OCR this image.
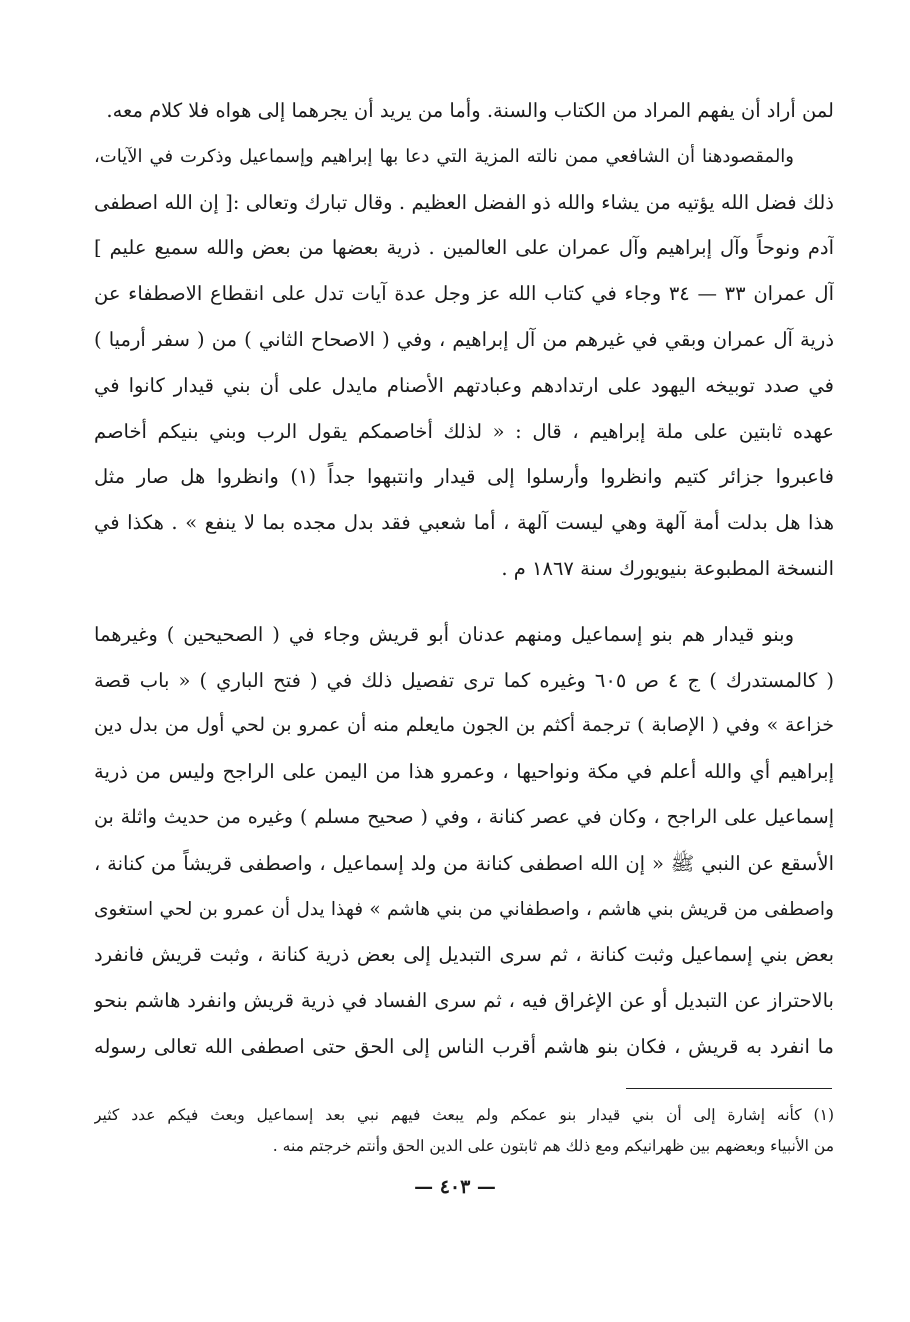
لمن أراد أن يفهم المراد من الكتاب والسنة. وأما من يريد أن يجرهما إلى هواه فلا كلام معه.
والمقصودهنا أن الشافعي ممن نالته المزية التي دعا بها إبراهيم وإسماعيل وذكرت في الآيات،
ذلك فضل الله يؤتيه من يشاء والله ذو الفضل العظيم . وقال تبارك وتعالى :[ إن الله اصطفى
آدم ونوحاً وآل إبراهيم وآل عمران على العالمين . ذرية بعضها من بعض والله سميع عليم ]
آل عمران ٣٣ — ٣٤ وجاء في كتاب الله عز وجل عدة آيات تدل على انقطاع الاصطفاء عن
ذرية آل عمران وبقي في غيرهم من آل إبراهيم ، وفي ( الاصحاح الثاني ) من ( سفر أرميا )
في صدد توبيخه اليهود على ارتدادهم وعبادتهم الأصنام مايدل على أن بني قيدار كانوا في
عهده ثابتين على ملة إبراهيم ، قال : « لذلك أخاصمكم يقول الرب وبني بنيكم أخاصم
فاعبروا جزائر كتيم وانظروا وأرسلوا إلى قيدار وانتبهوا جداً (١) وانظروا هل صار مثل
هذا هل بدلت أمة آلهة وهي ليست آلهة ، أما شعبي فقد بدل مجده بما لا ينفع » . هكذا في
النسخة المطبوعة بنيويورك سنة ١٨٦٧ م .
وبنو قيدار هم بنو إسماعيل ومنهم عدنان أبو قريش وجاء في ( الصحيحين ) وغيرهما
( كالمستدرك ) ج ٤ ص ٦٠٥ وغيره كما ترى تفصيل ذلك في ( فتح الباري ) « باب قصة
خزاعة » وفي ( الإصابة ) ترجمة أكثم بن الجون مايعلم منه أن عمرو بن لحي أول من بدل دين
إبراهيم أي والله أعلم في مكة ونواحيها ، وعمرو هذا من اليمن على الراجح وليس من ذرية
إسماعيل على الراجح ، وكان في عصر كنانة ، وفي ( صحيح مسلم ) وغيره من حديث واثلة بن
الأسقع عن النبي ﷺ « إن الله اصطفى كنانة من ولد إسماعيل ، واصطفى قريشاً من كنانة ،
واصطفى من قريش بني هاشم ، واصطفاني من بني هاشم » فهذا يدل أن عمرو بن لحي استغوى
بعض بني إسماعيل وثبت كنانة ، ثم سرى التبديل إلى بعض ذرية كنانة ، وثبت قريش فانفرد
بالاحتراز عن التبديل أو عن الإغراق فيه ، ثم سرى الفساد في ذرية قريش وانفرد هاشم بنحو
ما انفرد به قريش ، فكان بنو هاشم أقرب الناس إلى الحق حتى اصطفى الله تعالى رسوله
(١) كأنه إشارة إلى أن بني قيدار بنو عمكم ولم يبعث فيهم نبي بعد إسماعيل وبعث فيكم عدد كثير
من الأنبياء وبعضهم بين ظهرانيكم ومع ذلك هم ثابتون على الدين الحق وأنتم خرجتم منه .
— ٤٠٣ —
